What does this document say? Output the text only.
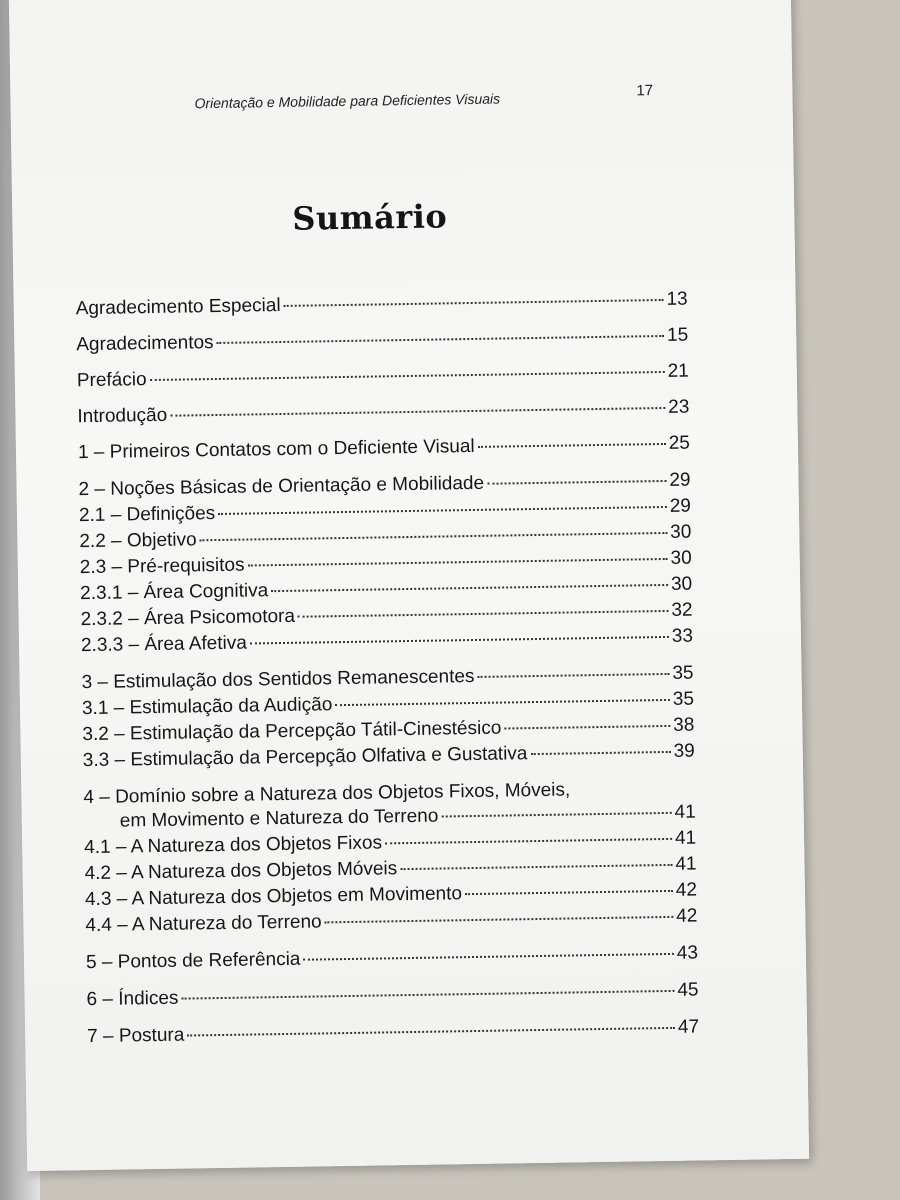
Orientação e Mobilidade para Deficientes Visuais	17
Sumário
Agradecimento Especial	13
Agradecimentos	15
Prefácio	21
Introdução	23
1 – Primeiros Contatos com o Deficiente Visual	25
2 – Noções Básicas de Orientação e Mobilidade	29
2.1 – Definições	29
2.2 – Objetivo	30
2.3 – Pré-requisitos	30
2.3.1 – Área Cognitiva	30
2.3.2 – Área Psicomotora	32
2.3.3 – Área Afetiva	33
3 – Estimulação dos Sentidos Remanescentes	35
3.1 – Estimulação da Audição	35
3.2 – Estimulação da Percepção Tátil-Cinestésico	38
3.3 – Estimulação da Percepção Olfativa e Gustativa	39
4 – Domínio sobre a Natureza dos Objetos Fixos, Móveis,
em Movimento e Natureza do Terreno	41
4.1 – A Natureza dos Objetos Fixos	41
4.2 – A Natureza dos Objetos Móveis	41
4.3 – A Natureza dos Objetos em Movimento	42
4.4 – A Natureza do Terreno	42
5 – Pontos de Referência	43
6 – Índices	45
7 – Postura	47
